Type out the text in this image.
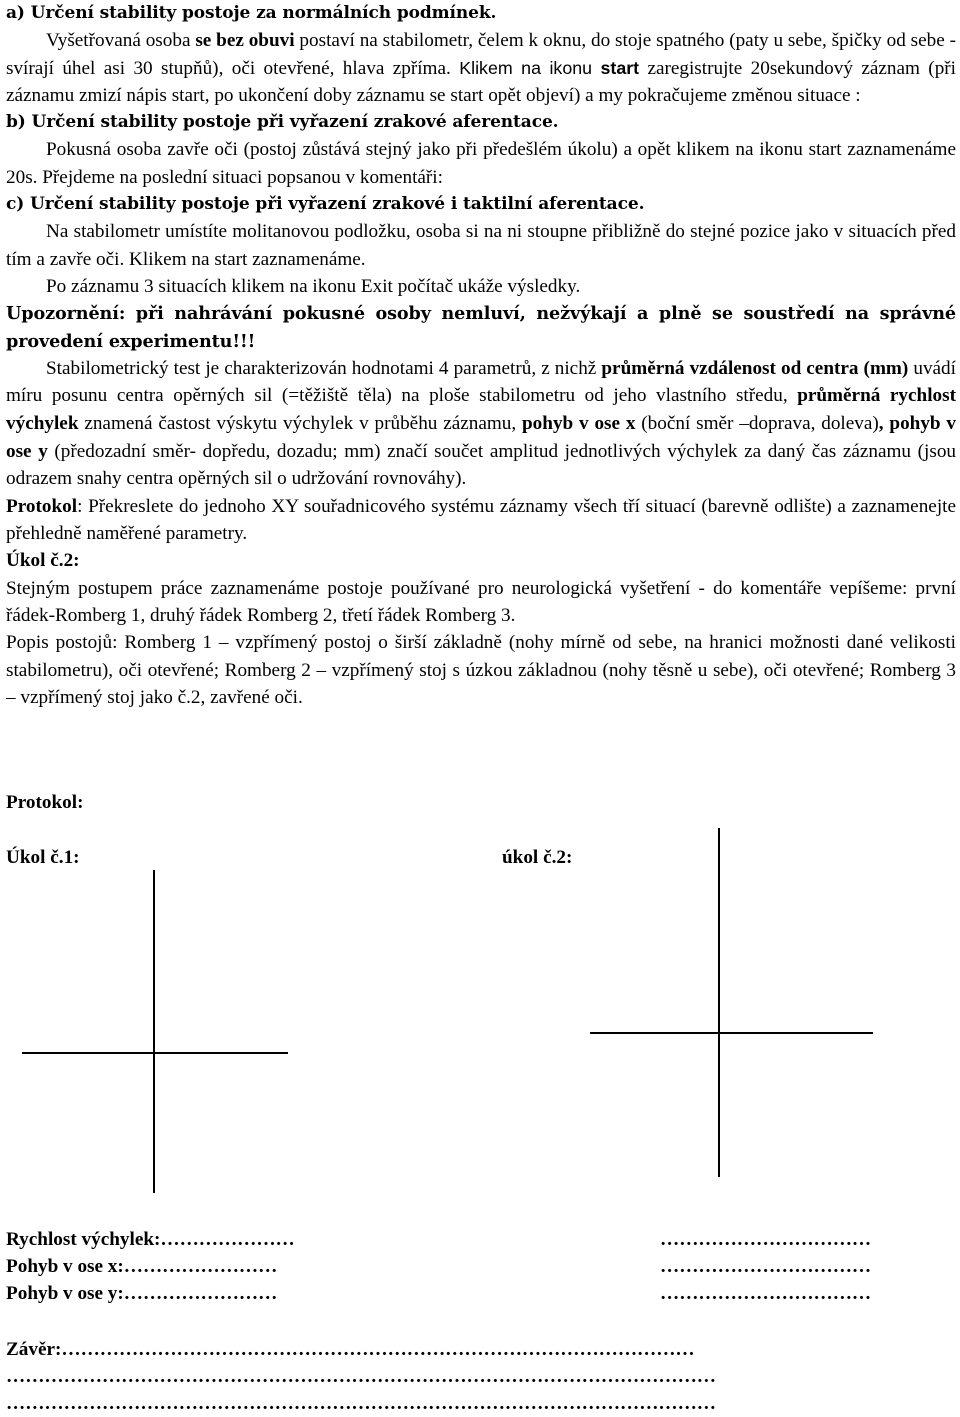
a) Určení stability postoje za normálních podmínek.

Vyšetřovaná osoba se bez obuvi postaví na stabilometr, čelem k oknu, do stoje spatného (paty u sebe, špičky od sebe - svírají úhel asi 30 stupňů), oči otevřené, hlava zpříma. Klikem na ikonu start zaregistrujte 20sekundový záznam (při záznamu zmizí nápis start, po ukončení doby záznamu se start opět objeví) a my pokračujeme změnou situace :

b) Určení stability postoje při vyřazení zrakové aferentace.

Pokusná osoba zavře oči (postoj zůstává stejný jako při předešlém úkolu) a opět klikem na ikonu start zaznamenáme 20s. Přejdeme na poslední situaci popsanou v komentáři:

c) Určení stability postoje při vyřazení zrakové i taktilní aferentace.

Na stabilometr umístíte molitanovou podložku, osoba si na ni stoupne přibližně do stejné pozice jako v situacích před tím a zavře oči. Klikem na start zaznamenáme.

Po záznamu 3 situacích klikem na ikonu Exit počítač ukáže výsledky.

Upozornění: při nahrávání pokusné osoby nemluví, nežvýkají a plně se soustředí na správné provedení experimentu!!!

Stabilometrický test je charakterizován hodnotami 4 parametrů, z nichž průměrná vzdálenost od centra (mm) uvádí míru posunu centra opěrných sil (=těžiště těla) na ploše stabilometru od jeho vlastního středu, průměrná rychlost výchylek znamená častost výskytu výchylek v průběhu záznamu, pohyb v ose x (boční směr –doprava, doleva), pohyb v ose y (předozadní směr- dopředu, dozadu; mm) značí součet amplitud jednotlivých výchylek za daný čas záznamu (jsou odrazem snahy centra opěrných sil o udržování rovnováhy).

Protokol: Překreslete do jednoho XY souřadnicového systému záznamy všech tří situací (barevně odlište) a zaznamenejte přehledně naměřené parametry.

Úkol č.2:

Stejným postupem práce zaznamenáme postoje používané pro neurologická vyšetření - do komentáře vepíšeme: první řádek-Romberg 1, druhý řádek Romberg 2, třetí řádek Romberg 3.

Popis postojů: Romberg 1 – vzpřímený postoj o širší základně (nohy mírně od sebe, na hranici možnosti dané velikosti stabilometru), oči otevřené; Romberg 2 – vzpřímený stoj s úzkou základnou (nohy těsně u sebe), oči otevřené; Romberg 3 – vzpřímený stoj jako č.2, zavřené oči.

Protokol:

Úkol č.1:	úkol č.2:

Rychlost výchylek:…………………	……………………………

Pohyb v ose x:……………………	……………………………

Pohyb v ose y:……………………	……………………………

Závěr:………………………………………………………………………………………

…………………………………………………………………………………………………

…………………………………………………………………………………………………
